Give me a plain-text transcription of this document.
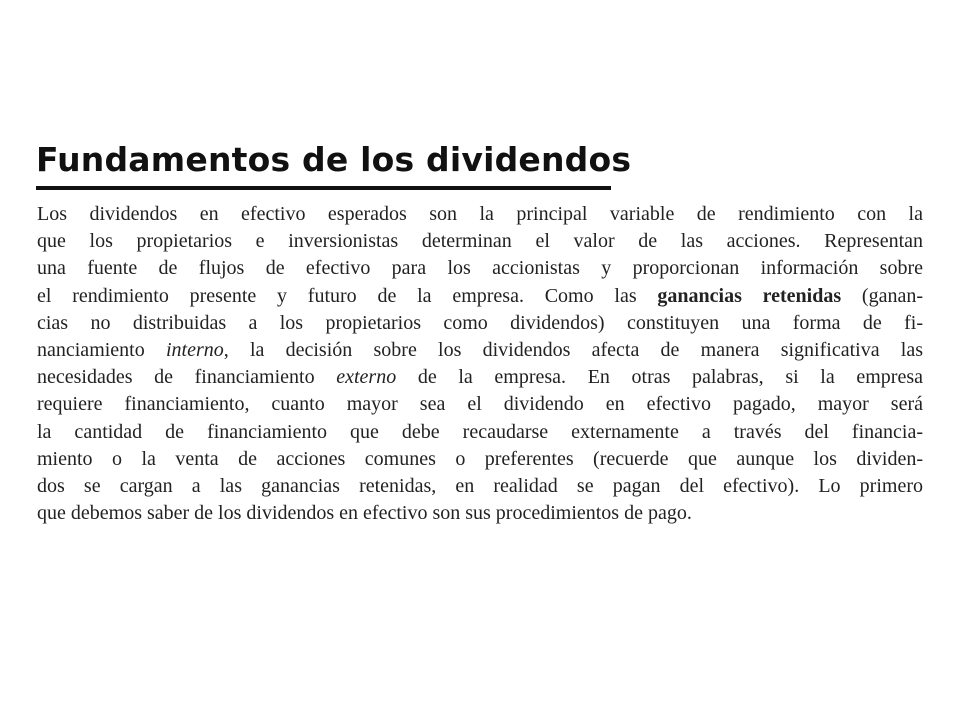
Fundamentos de los dividendos
Los dividendos en efectivo esperados son la principal variable de rendimiento con la
que los propietarios e inversionistas determinan el valor de las acciones. Representan
una fuente de flujos de efectivo para los accionistas y proporcionan información sobre
el rendimiento presente y futuro de la empresa. Como las ganancias retenidas (ganan-
cias no distribuidas a los propietarios como dividendos) constituyen una forma de fi-
nanciamiento interno, la decisión sobre los dividendos afecta de manera significativa las
necesidades de financiamiento externo de la empresa. En otras palabras, si la empresa
requiere financiamiento, cuanto mayor sea el dividendo en efectivo pagado, mayor será
la cantidad de financiamiento que debe recaudarse externamente a través del financia-
miento o la venta de acciones comunes o preferentes (recuerde que aunque los dividen-
dos se cargan a las ganancias retenidas, en realidad se pagan del efectivo). Lo primero
que debemos saber de los dividendos en efectivo son sus procedimientos de pago.
